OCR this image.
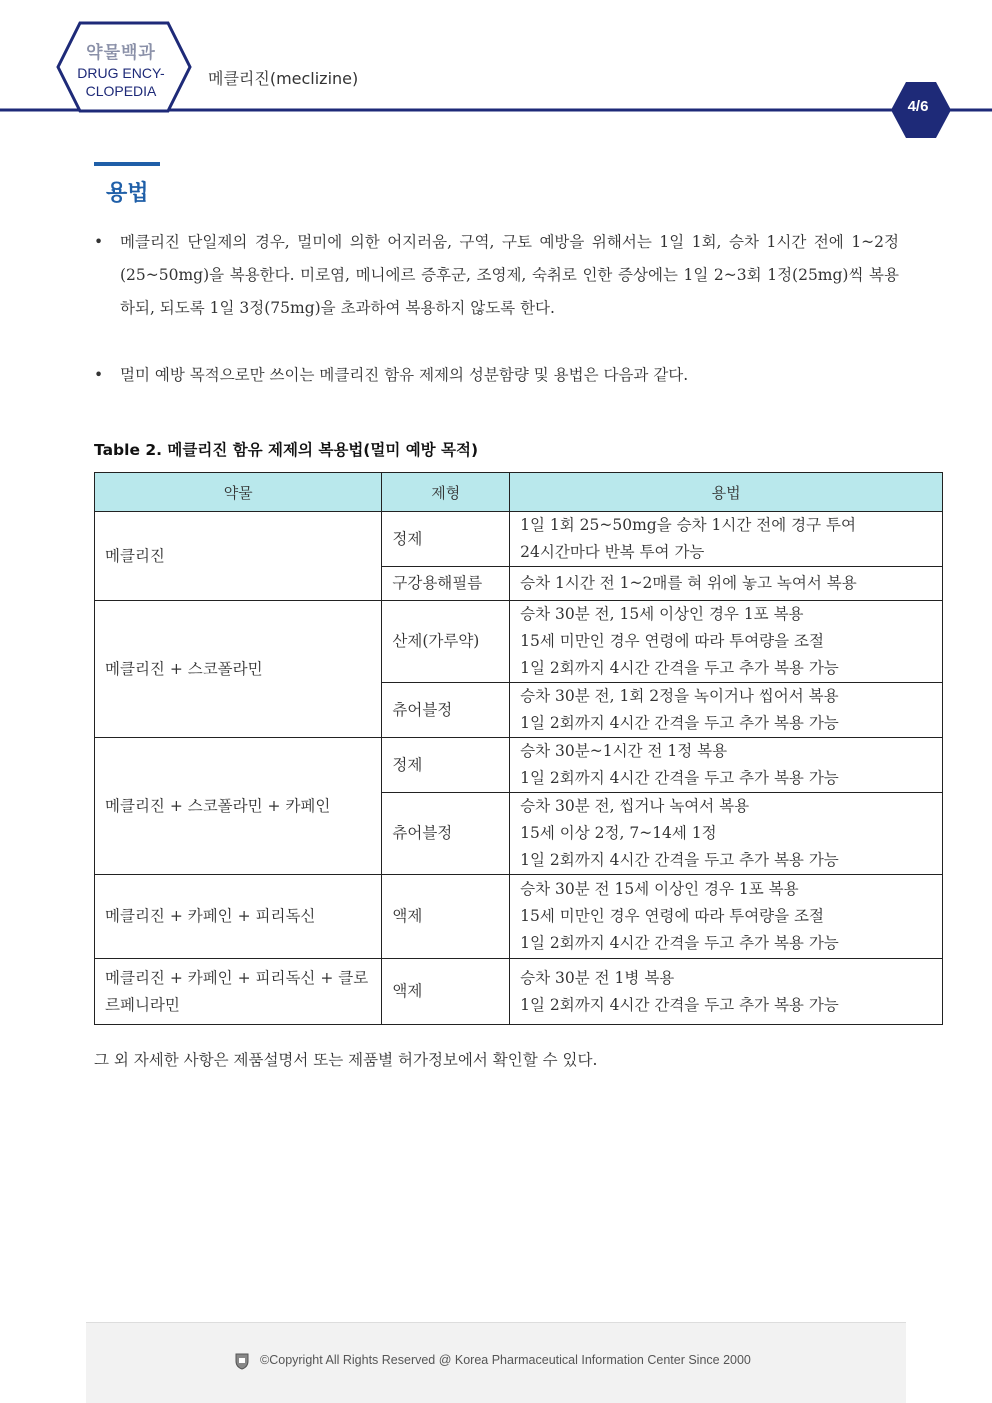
약물백과
DRUG ENCY-
CLOPEDIA
메클리진(meclizine)
4/6
용법
• 메클리진 단일제의 경우, 멀미에 의한 어지러움, 구역, 구토 예방을 위해서는 1일 1회, 승차 1시간 전에 1~2정(25~50mg)을 복용한다. 미로염, 메니에르 증후군, 조영제, 숙취로 인한 증상에는 1일 2~3회 1정(25mg)씩 복용하되, 되도록 1일 3정(75mg)을 초과하여 복용하지 않도록 한다.
• 멀미 예방 목적으로만 쓰이는 메클리진 함유 제제의 성분함량 및 용법은 다음과 같다.
Table 2. 메클리진 함유 제제의 복용법(멀미 예방 목적)
약물	제형	용법
메클리진	정제	1일 1회 25~50mg을 승차 1시간 전에 경구 투여
24시간마다 반복 투여 가능

	구강용해필름	승차 1시간 전 1~2매를 혀 위에 놓고 녹여서 복용

메클리진 + 스코폴라민	산제(가루약)	승차 30분 전, 15세 이상인 경우 1포 복용
15세 미만인 경우 연령에 따라 투여량을 조절
1일 2회까지 4시간 간격을 두고 추가 복용 가능

	츄어블정	승차 30분 전, 1회 2정을 녹이거나 씹어서 복용
1일 2회까지 4시간 간격을 두고 추가 복용 가능

메클리진 + 스코폴라민 + 카페인	정제	승차 30분~1시간 전 1정 복용
1일 2회까지 4시간 간격을 두고 추가 복용 가능

	츄어블정	승차 30분 전, 씹거나 녹여서 복용
15세 이상 2정, 7~14세 1정
1일 2회까지 4시간 간격을 두고 추가 복용 가능

메클리진 + 카페인 + 피리독신	액제	승차 30분 전 15세 이상인 경우 1포 복용
15세 미만인 경우 연령에 따라 투여량을 조절
1일 2회까지 4시간 간격을 두고 추가 복용 가능

메클리진 + 카페인 + 피리독신 + 클로르페니라민	액제	승차 30분 전 1병 복용
1일 2회까지 4시간 간격을 두고 추가 복용 가능
그 외 자세한 사항은 제품설명서 또는 제품별 허가정보에서 확인할 수 있다.
©Copyright All Rights Reserved @ Korea Pharmaceutical Information Center Since 2000
